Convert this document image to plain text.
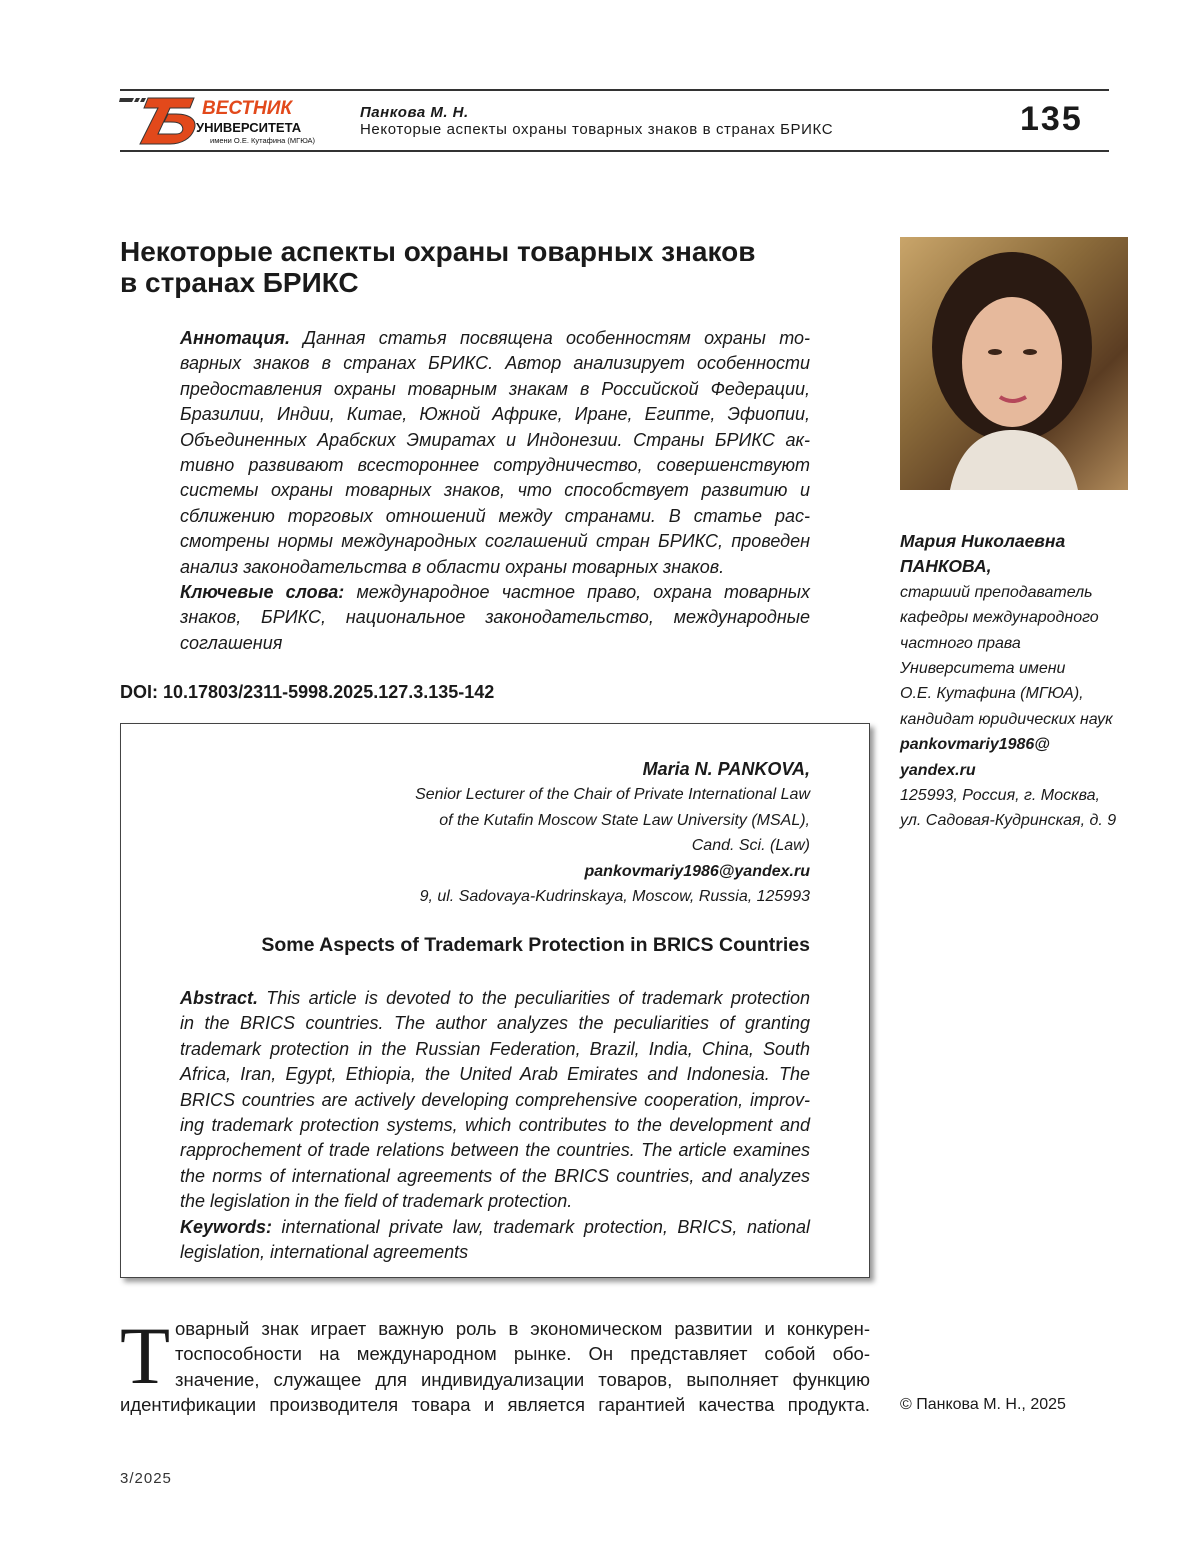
ВЕСТНИК
УНИВЕРСИТЕТА
имени О.Е. Кутафина (МГЮА)
Панкова М. Н.
Некоторые аспекты охраны товарных знаков в странах БРИКС	135
Некоторые аспекты охраны товарных знаков
в странах БРИКС
Аннотация. Данная статья посвящена особенностям охраны то-
варных знаков в странах БРИКС. Автор анализирует особенности
предоставления охраны товарным знакам в Российской Федерации,
Бразилии, Индии, Китае, Южной Африке, Иране, Египте, Эфиопии,
Объединенных Арабских Эмиратах и Индонезии. Страны БРИКС ак-
тивно развивают всестороннее сотрудничество, совершенствуют
системы охраны товарных знаков, что способствует развитию и
сближению торговых отношений между странами. В статье рас-
смотрены нормы международных соглашений стран БРИКС, проведен
анализ законодательства в области охраны товарных знаков.
Ключевые слова: международное частное право, охрана товарных
знаков, БРИКС, национальное законодательство, международные
соглашения
DOI: 10.17803/2311-5998.2025.127.3.135-142
Maria N. PANKOVA,
Senior Lecturer of the Chair of Private International Law
of the Kutafin Moscow State Law University (MSAL),
Cand. Sci. (Law)
pankovmariy1986@yandex.ru
9, ul. Sadovaya-Kudrinskaya, Moscow, Russia, 125993
Some Aspects of Trademark Protection in BRICS Countries
Abstract. This article is devoted to the peculiarities of trademark protection
in the BRICS countries. The author analyzes the peculiarities of granting
trademark protection in the Russian Federation, Brazil, India, China, South
Africa, Iran, Egypt, Ethiopia, the United Arab Emirates and Indonesia. The
BRICS countries are actively developing comprehensive cooperation, improv-
ing trademark protection systems, which contributes to the development and
rapprochement of trade relations between the countries. The article examines
the norms of international agreements of the BRICS countries, and analyzes
the legislation in the field of trademark protection.
Keywords: international private law, trademark protection, BRICS, national
legislation, international agreements
Мария Николаевна
ПАНКОВА,
старший преподаватель
кафедры международного
частного права
Университета имени
О.Е. Кутафина (МГЮА),
кандидат юридических наук
pankovmariy1986@
yandex.ru
125993, Россия, г. Москва,
ул. Садовая-Кудринская, д. 9
Т оварный знак играет важную роль в экономическом развитии и конкурен-
тоспособности на международном рынке. Он представляет собой обо-
значение, служащее для индивидуализации товаров, выполняет функцию
идентификации производителя товара и является гарантией качества продукта. © Панкова М. Н., 2025
3/2025
